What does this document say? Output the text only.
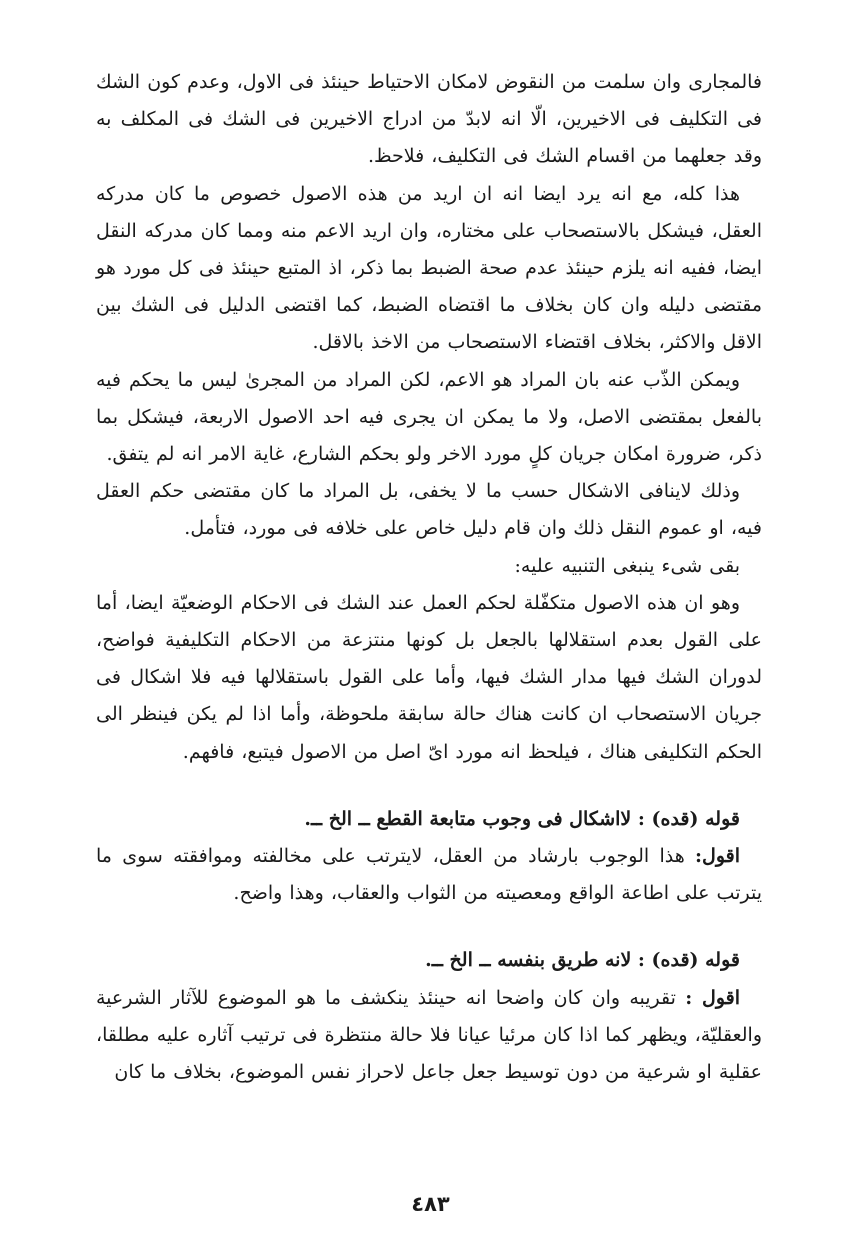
فالمجارى وان سلمت من النقوض لامكان الاحتياط حينئذ فى الاول، وعدم كون الشك فى التكليف فى الاخيرين، الّا انه لابدّ من ادراج الاخيرين فى الشك فى المكلف به وقد جعلهما من اقسام الشك فى التكليف، فلاحظ.

هذا كله، مع انه يرد ايضا انه ان اريد من هذه الاصول خصوص ما كان مدركه العقل، فيشكل بالاستصحاب على مختاره، وان اريد الاعم منه ومما كان مدركه النقل ايضا، ففيه انه يلزم حينئذ عدم صحة الضبط بما ذكر، اذ المتبع حينئذ فى كل مورد هو مقتضى دليله وان كان بخلاف ما اقتضاه الضبط، كما اقتضى الدليل فى الشك بين الاقل والاكثر، بخلاف اقتضاء الاستصحاب من الاخذ بالاقل.

ويمكن الذّب عنه بان المراد هو الاعم، لكن المراد من المجرىٰ ليس ما يحكم فيه بالفعل بمقتضى الاصل، ولا ما يمكن ان يجرى فيه احد الاصول الاربعة، فيشكل بما ذكر، ضرورة امكان جريان كلٍ مورد الاخر ولو بحكم الشارع، غاية الامر انه لم يتفق.

وذلك لاينافى الاشكال حسب ما لا يخفى، بل المراد ما كان مقتضى حكم العقل فيه، او عموم النقل ذلك وان قام دليل خاص على خلافه فى مورد، فتأمل.

بقى شىء ينبغى التنبيه عليه:

وهو ان هذه الاصول متكفّلة لحكم العمل عند الشك فى الاحكام الوضعيّة ايضا، أما على القول بعدم استقلالها بالجعل بل كونها منتزعة من الاحكام التكليفية فواضح، لدوران الشك فيها مدار الشك فيها، وأما على القول باستقلالها فيه فلا اشكال فى جريان الاستصحاب ان كانت هناك حالة سابقة ملحوظة، وأما اذا لم يكن فينظر الى الحكم التكليفى هناك ، فيلحظ انه مورد اىّ اصل من الاصول فيتبع، فافهم.

قوله (قده) : لااشكال فى وجوب متابعة القطع ــ الخ ــ.

اقول: هذا الوجوب بارشاد من العقل، لايترتب على مخالفته وموافقته سوى ما يترتب على اطاعة الواقع ومعصيته من الثواب والعقاب، وهذا واضح.

قوله (قده) : لانه طريق بنفسه ــ الخ ــ.

اقول : تقريبه وان كان واضحا انه حينئذ ينكشف ما هو الموضوع للآثار الشرعية والعقليّة، ويظهر كما اذا كان مرئيا عيانا فلا حالة منتظرة فى ترتيب آثاره عليه مطلقا، عقلية او شرعية من دون توسيط جعل جاعل لاحراز نفس الموضوع، بخلاف ما كان

٤٨٣
